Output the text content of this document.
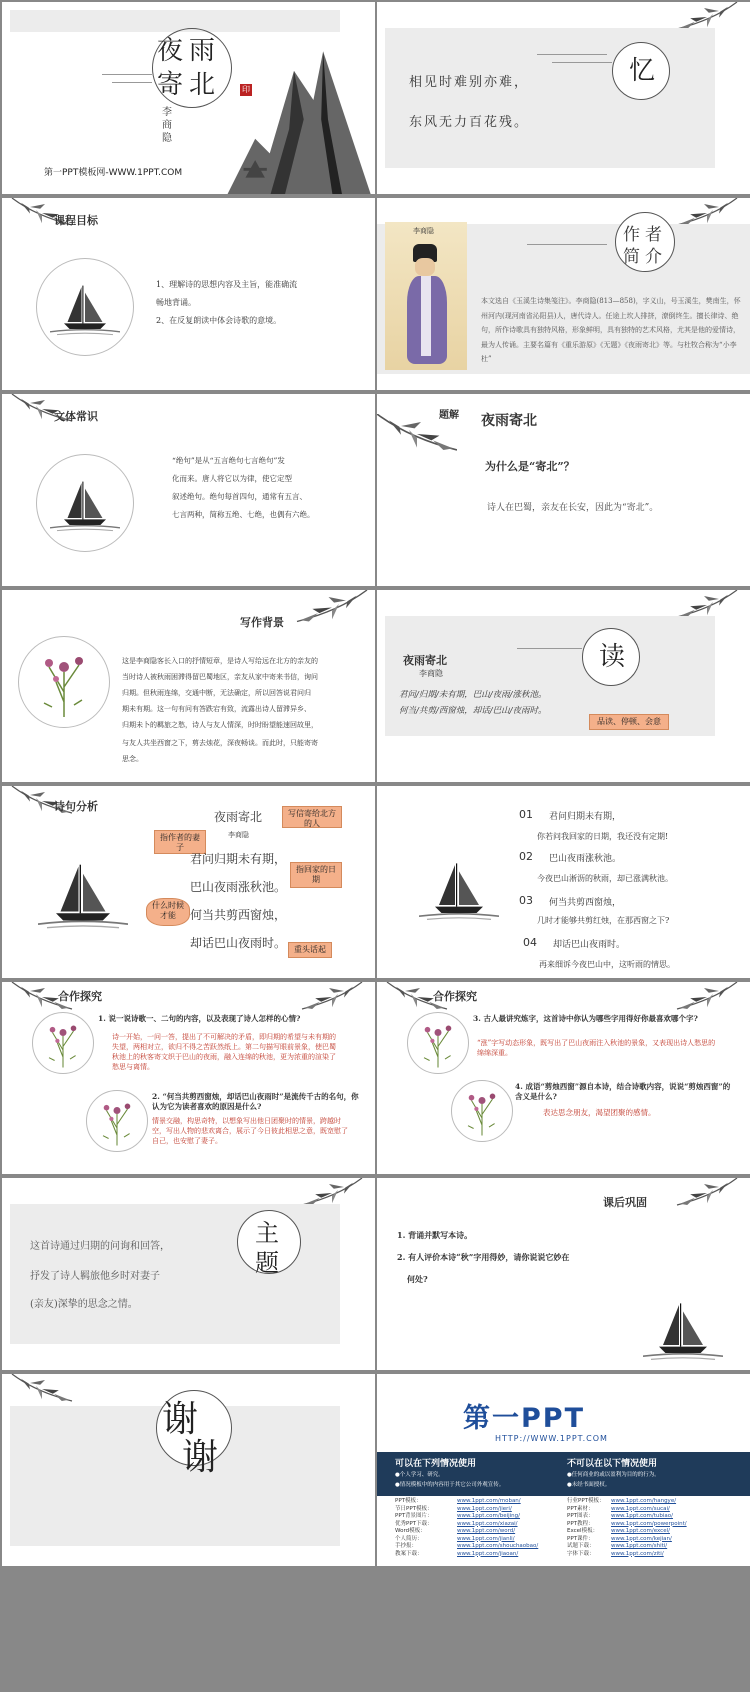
夜 雨
寄 北
李商隐
印
第一PPT模板网-WWW.1PPT.COM
相见时难别亦难，
东风无力百花残。
忆
课程目标
1、理解诗的思想内容及主旨，能准确流
畅地背诵。
2、在反复朗读中体会诗歌的意境。
李商隐	作 者
简 介
本文选自《玉溪生诗集笺注》。李商隐(813—858)，字义山，号玉溪生，樊南生，怀州河内(现河南省沁阳县)人，唐代诗人。任途上坎人排挤，潦倒终生。擅长律诗、绝句，所作诗歌具有独特风格，形象鲜明，具有独特的艺术风格，尤其是他的爱情诗，最为人传诵。主要名篇有《重乐游原》《无题》《夜雨寄北》等。与杜牧合称为“小李杜”
文体常识
“绝句”是从“五言绝句七言绝句”发
化而来。唐人将它以为律，使它定型
叙述绝句。绝句每首四句，通常有五言、
七言两种，简称五绝、七绝，也偶有六绝。
题解 夜雨寄北
为什么是“寄北”？
诗人在巴蜀，亲友在长安，因此为“寄北”。
写作背景
这是李商隐客长入口的抒情短章，是诗人写给远在北方的亲友的
当时诗人被秋雨困滞得留巴蜀地区，亲友从家中寄来书信，询问
归期。但秋雨连绵，交通中断，无法确定，所以回答说君问归
期未有期。这一句有问有答跌宕有致，流露出诗人留滞异乡、
归期未卜的羁旅之愁，诗人与友人情深，时时盼望能速回故里，
与友人共坐西窗之下，剪去烛花，深夜畅谈。而此时，只能寄寄
思念。
夜雨寄北
李商隐
君问/归期/未有期，巴山/夜雨/涨秋池。
何当/共剪/西窗烛，却话/巴山/夜雨时。
读
品读、停顿、会意
诗句分析
夜雨寄北
李商隐
写信寄给北方的人
指作者的妻子
君问归期未有期，
指回家的日期
巴山夜雨涨秋池。
什么时候才能	何当共剪西窗烛，
却话巴山夜雨时。 重头话起
01 君问归期未有期，
你若问我回家的日期，我还没有定期!
02 巴山夜雨涨秋池。
今夜巴山淅沥的秋雨，却已涨满秋池。
03 何当共剪西窗烛，
几时才能够共剪红烛，在那西窗之下?
04 却话巴山夜雨时。
再来细诉今夜巴山中，这听雨的情思。
合作探究
1. 说一说诗歌一、二句的内容，以及表现了诗人怎样的心情?
诗一开始，一问一答，提出了不可解决的矛盾，即归期的希望与未有期的失望，两相对立，欲归不得之苦跃然纸上。第二句描写眼前景象，使巴蜀秋池上的秋客寄文织于巴山的夜雨，融入连绵的秋池，更为浓重的渲染了愁思与离情。
2. “何当共剪西窗烛，却话巴山夜雨时”是流传千古的名句，你认为它为读者喜欢的原因是什么?
情景交融，构思奇特，以想象写出他日团聚时的情景，跨越时空，写出人物的悲欢离合，展示了今日彼此相思之意，既宽慰了自己，也安慰了妻子。
合作探究
3. 古人最讲究炼字，这首诗中你认为哪些字用得好你最喜欢哪个字?
“涨”字写动态形象，既写出了巴山夜雨注入秋池的景象，又表现出诗人愁思的绵绵深重。
4. 成语“剪烛西窗”源自本诗，结合诗歌内容，说说“剪烛西窗”的含义是什么?
表达思念朋友，渴望团聚的感情。
这首诗通过归期的问询和回答，
抒发了诗人羁旅他乡时对妻子
(亲友)深挚的思念之情。
主
题
课后巩固
1. 背诵并默写本诗。
2. 有人评价本诗“秋”字用得妙，请你说说它妙在
何处?
谢
谢
第一PPT
HTTP://WWW.1PPT.COM
可以在下列情况使用
●个人学习、研究。
●情况模板中的内容用于其它公司外观宣传。
不可以在以下情况使用
●任何商业的或以盈利为目的的行为。
●未经书面授权。
PPT模板：	www.1ppt.com/moban/
节日PPT模板：	www.1ppt.com/jieri/
PPT背景图片：	www.1ppt.com/beijing/
优秀PPT下载：	www.1ppt.com/xiazai/
Word模板：	www.1ppt.com/word/
个人简历：	www.1ppt.com/jianli/
手抄报：	www.1ppt.com/shouchaobao/
教案下载：	www.1ppt.com/jiaoan/
行业PPT模板： www.1ppt.com/hangye/
PPT素材：	www.1ppt.com/sucai/
PPT图表：	www.1ppt.com/tubiao/
PPT教程：	www.1ppt.com/powerpoint/
Excel模板： www.1ppt.com/excel/
PPT课件：	www.1ppt.com/kejian/
试题下载：	www.1ppt.com/shiti/
字体下载：	www.1ppt.com/ziti/
